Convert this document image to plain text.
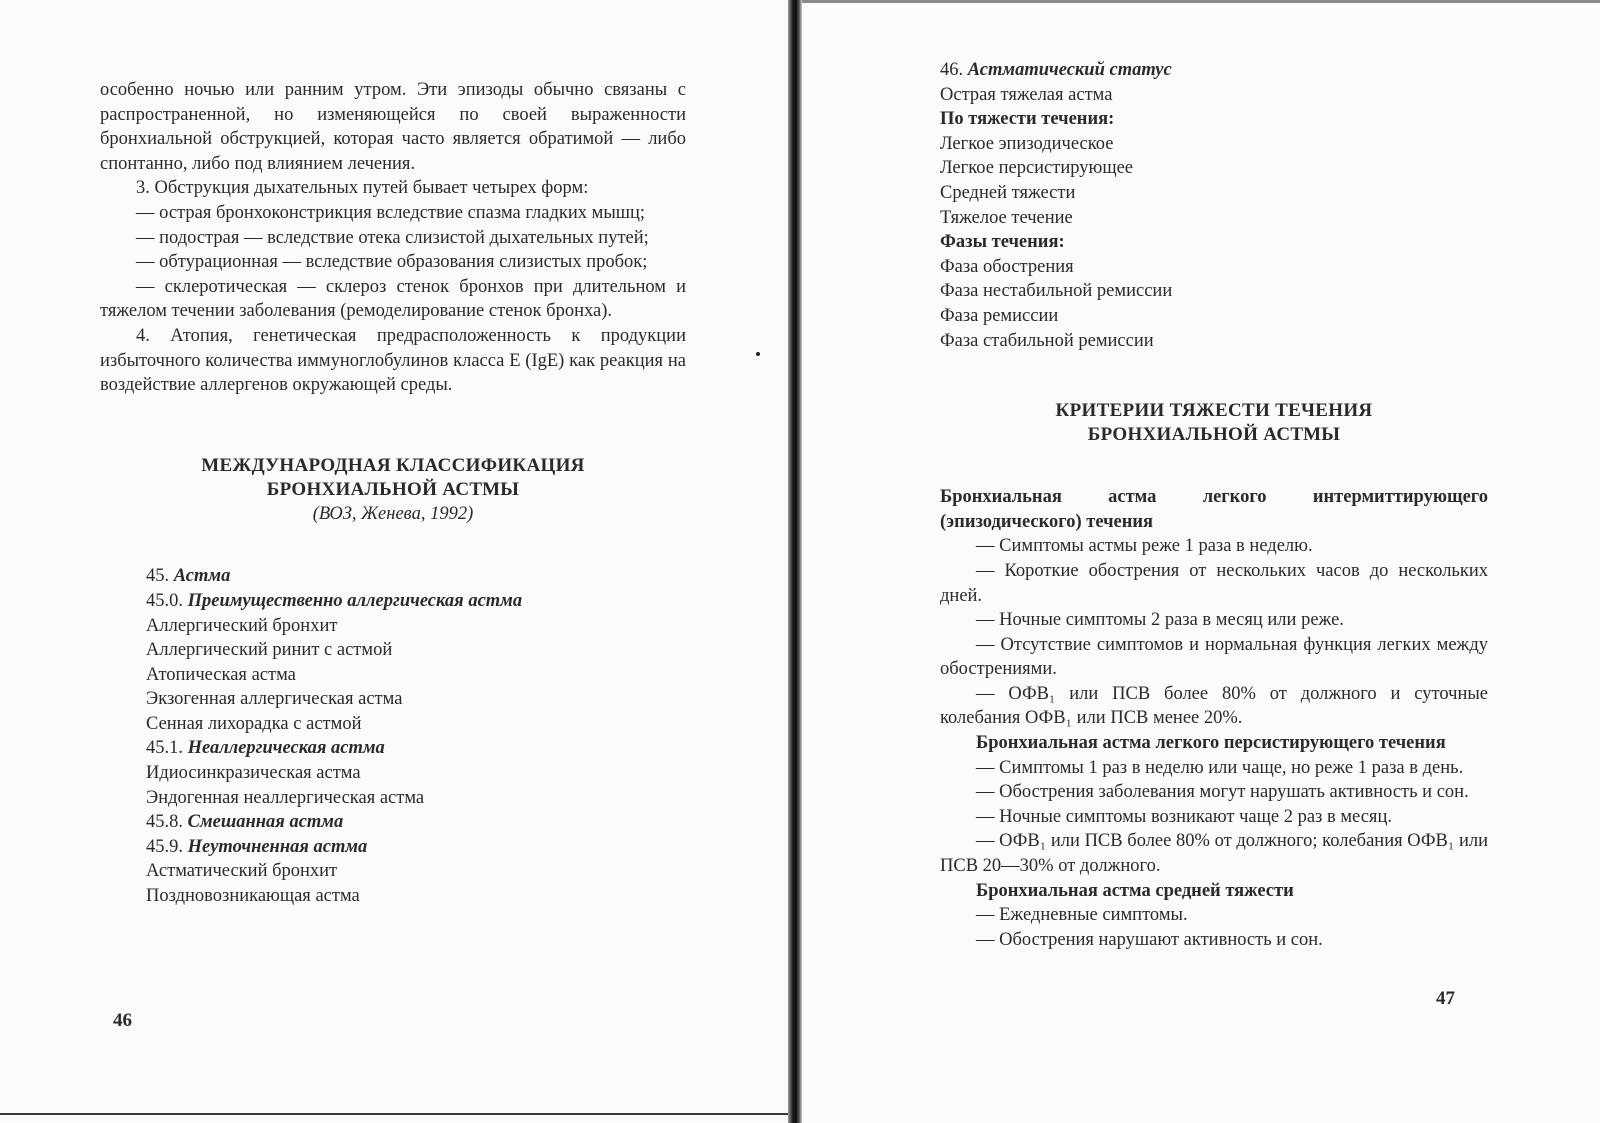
особенно ночью или ранним утром. Эти эпизоды обычно связаны с распространенной, но изменяющейся по своей выраженности бронхиальной обструкцией, которая часто является обратимой — либо спонтанно, либо под влиянием лечения.

3. Обструкция дыхательных путей бывает четырех форм:

— острая бронхоконстрикция вследствие спазма гладких мышц;

— подострая — вследствие отека слизистой дыхательных путей;

— обтурационная — вследствие образования слизистых пробок;

— склеротическая — склероз стенок бронхов при длительном и тяжелом течении заболевания (ремоделирование стенок бронха).

4. Атопия, генетическая предрасположенность к продукции избыточного количества иммуноглобулинов класса Е (IgE) как реакция на воздействие аллергенов окружающей среды.

МЕЖДУНАРОДНАЯ КЛАССИФИКАЦИЯ
БРОНХИАЛЬНОЙ АСТМЫ
(ВОЗ, Женева, 1992)
45. Астма
45.0. Преимущественно аллергическая астма
Аллергический бронхит
Аллергический ринит с астмой
Атопическая астма
Экзогенная аллергическая астма
Сенная лихорадка с астмой
45.1. Неаллергическая астма
Идиосинкразическая астма
Эндогенная неаллергическая астма
45.8. Смешанная астма
45.9. Неуточненная астма
Астматический бронхит
Поздновозникающая астма
46
46. Астматический статус
Острая тяжелая астма
По тяжести течения:
Легкое эпизодическое
Легкое персистирующее
Средней тяжести
Тяжелое течение
Фазы течения:
Фаза обострения
Фаза нестабильной ремиссии
Фаза ремиссии
Фаза стабильной ремиссии
КРИТЕРИИ ТЯЖЕСТИ ТЕЧЕНИЯ
БРОНХИАЛЬНОЙ АСТМЫ

Бронхиальная астма легкого интермиттирующего (эпизодического) течения

— Симптомы астмы реже 1 раза в неделю.

— Короткие обострения от нескольких часов до нескольких дней.

— Ночные симптомы 2 раза в месяц или реже.

— Отсутствие симптомов и нормальная функция легких между обострениями.

— ОФВ₁ или ПСВ более 80% от должного и суточные колебания ОФВ₁ или ПСВ менее 20%.

Бронхиальная астма легкого персистирующего течения

— Симптомы 1 раз в неделю или чаще, но реже 1 раза в день.

— Обострения заболевания могут нарушать активность и сон.

— Ночные симптомы возникают чаще 2 раз в месяц.

— ОФВ₁ или ПСВ более 80% от должного; колебания ОФВ₁ или ПСВ 20—30% от должного.

Бронхиальная астма средней тяжести

— Ежедневные симптомы.

— Обострения нарушают активность и сон.

47
